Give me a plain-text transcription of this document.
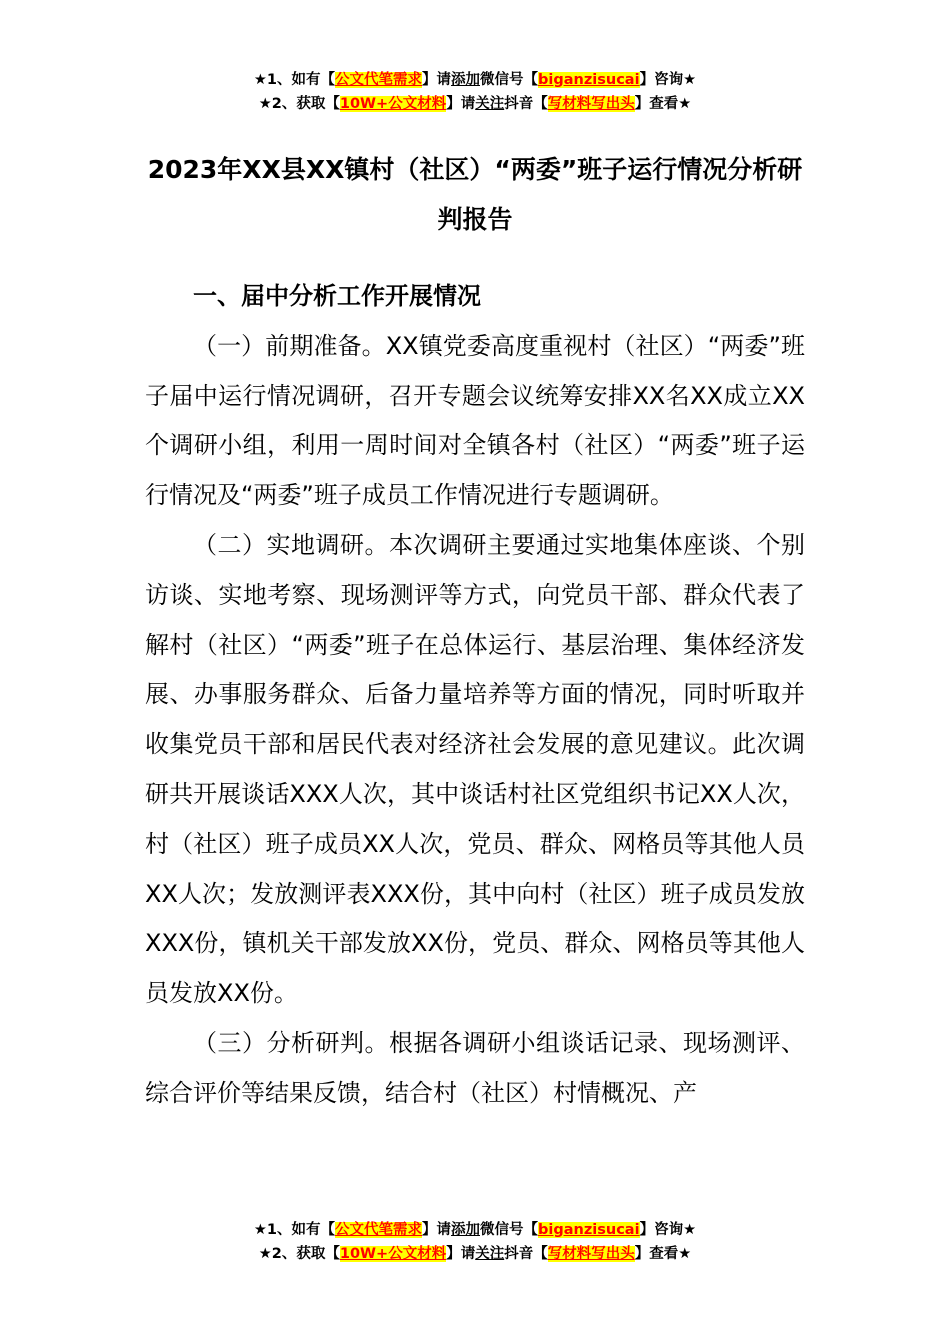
★1、如有【公文代笔需求】请添加微信号【biganzisucai】咨询★
★2、获取【10W+公文材料】请关注抖音【写材料写出头】查看★
2023年XX县XX镇村（社区）“两委”班子运行情况分析研判报告
一、届中分析工作开展情况

（一）前期准备。XX镇党委高度重视村（社区）“两委”班子届中运行情况调研，召开专题会议统筹安排XX名XX成立XX个调研小组，利用一周时间对全镇各村（社区）“两委”班子运行情况及“两委”班子成员工作情况进行专题调研。

（二）实地调研。本次调研主要通过实地集体座谈、个别访谈、实地考察、现场测评等方式，向党员干部、群众代表了解村（社区）“两委”班子在总体运行、基层治理、集体经济发展、办事服务群众、后备力量培养等方面的情况，同时听取并收集党员干部和居民代表对经济社会发展的意见建议。此次调研共开展谈话XXX人次，其中谈话村社区党组织书记XX人次，村（社区）班子成员XX人次，党员、群众、网格员等其他人员XX人次；发放测评表XXX份，其中向村（社区）班子成员发放XXX份，镇机关干部发放XX份，党员、群众、网格员等其他人员发放XX份。

（三）分析研判。根据各调研小组谈话记录、现场测评、综合评价等结果反馈，结合村（社区）村情概况、产

★1、如有【公文代笔需求】请添加微信号【biganzisucai】咨询★
★2、获取【10W+公文材料】请关注抖音【写材料写出头】查看★
